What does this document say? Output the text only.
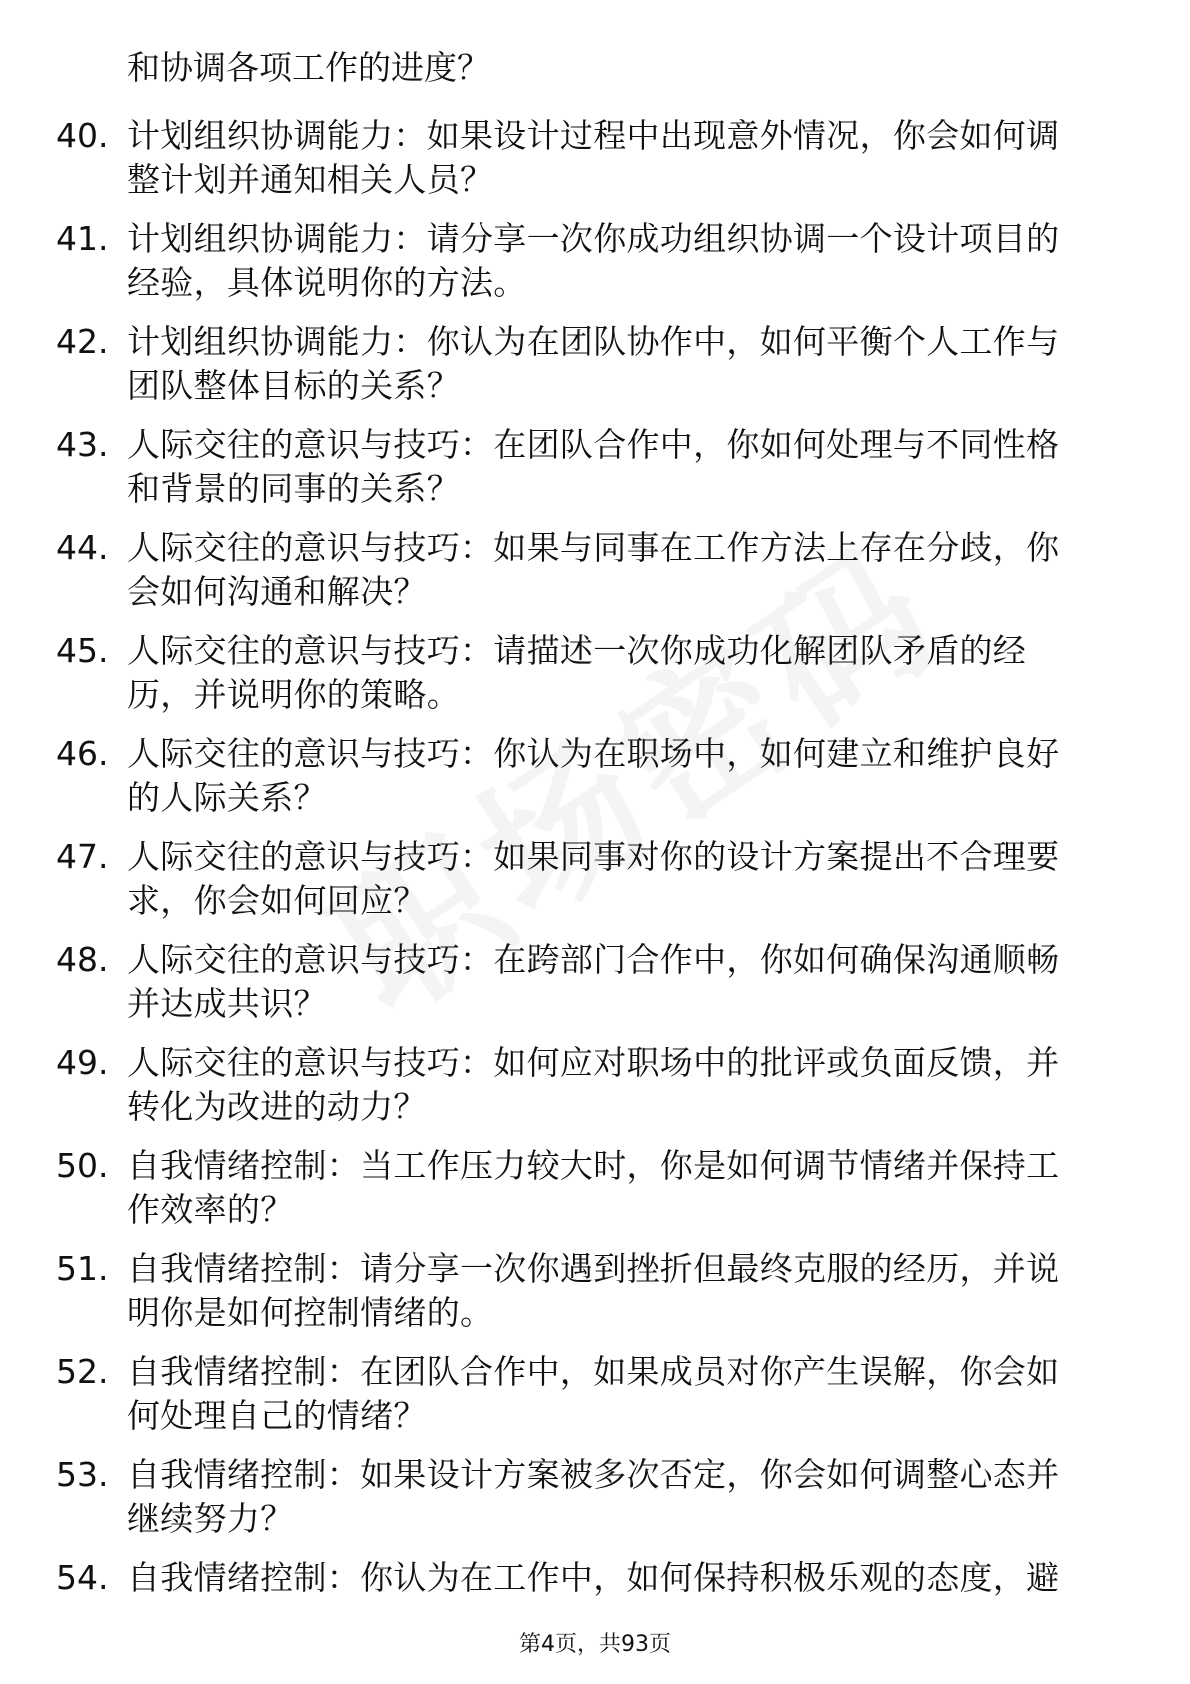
和协调各项工作的进度？

40. 计划组织协调能力：如果设计过程中出现意外情况，你会如何调
整计划并通知相关人员？
41. 计划组织协调能力：请分享一次你成功组织协调一个设计项目的
经验，具体说明你的方法。
42. 计划组织协调能力：你认为在团队协作中，如何平衡个人工作与
团队整体目标的关系？
43. 人际交往的意识与技巧：在团队合作中，你如何处理与不同性格
和背景的同事的关系？
44. 人际交往的意识与技巧：如果与同事在工作方法上存在分歧，你
会如何沟通和解决？
45. 人际交往的意识与技巧：请描述一次你成功化解团队矛盾的经
历，并说明你的策略。
46. 人际交往的意识与技巧：你认为在职场中，如何建立和维护良好
的人际关系？
47. 人际交往的意识与技巧：如果同事对你的设计方案提出不合理要
求，你会如何回应？
48. 人际交往的意识与技巧：在跨部门合作中，你如何确保沟通顺畅
并达成共识？
49. 人际交往的意识与技巧：如何应对职场中的批评或负面反馈，并
转化为改进的动力？
50. 自我情绪控制：当工作压力较大时，你是如何调节情绪并保持工
作效率的？
51. 自我情绪控制：请分享一次你遇到挫折但最终克服的经历，并说
明你是如何控制情绪的。
52. 自我情绪控制：在团队合作中，如果成员对你产生误解，你会如
何处理自己的情绪？
53. 自我情绪控制：如果设计方案被多次否定，你会如何调整心态并
继续努力？
54. 自我情绪控制：你认为在工作中，如何保持积极乐观的态度，避
第4页，共93页
